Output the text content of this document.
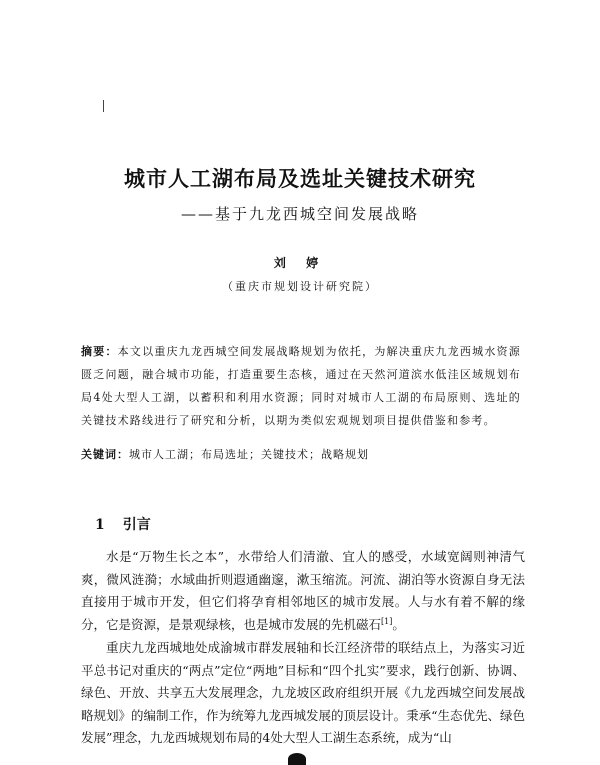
城市人工湖布局及选址关键技术研究
——基于九龙西城空间发展战略
刘 婷
（重庆市规划设计研究院）
摘要：本文以重庆九龙西城空间发展战略规划为依托，为解决重庆九龙西城水资源匮乏问题，融合城市功能，打造重要生态核，通过在天然河道滨水低洼区域规划布局4处大型人工湖，以蓄积和利用水资源；同时对城市人工湖的布局原则、选址的关键技术路线进行了研究和分析，以期为类似宏观规划项目提供借鉴和参考。
关键词：城市人工湖；布局选址；关键技术；战略规划
1 引言

水是“万物生长之本”，水带给人们清澈、宜人的感受，水域宽阔则神清气爽，微风涟漪；水域曲折则遐通幽邃，漱玉缩流。河流、湖泊等水资源自身无法直接用于城市开发，但它们将孕育相邻地区的城市发展。人与水有着不解的缘分，它是资源，是景观绿核，也是城市发展的先机磁石[1]。

重庆九龙西城地处成渝城市群发展轴和长江经济带的联结点上，为落实习近平总书记对重庆的“两点”定位“两地”目标和“四个扎实”要求，践行创新、协调、绿色、开放、共享五大发展理念，九龙坡区政府组织开展《九龙西城空间发展战略规划》的编制工作，作为统筹九龙西城发展的顶层设计。秉承“生态优先、绿色发展”理念，九龙西城规划布局的4处大型人工湖生态系统，成为“山
